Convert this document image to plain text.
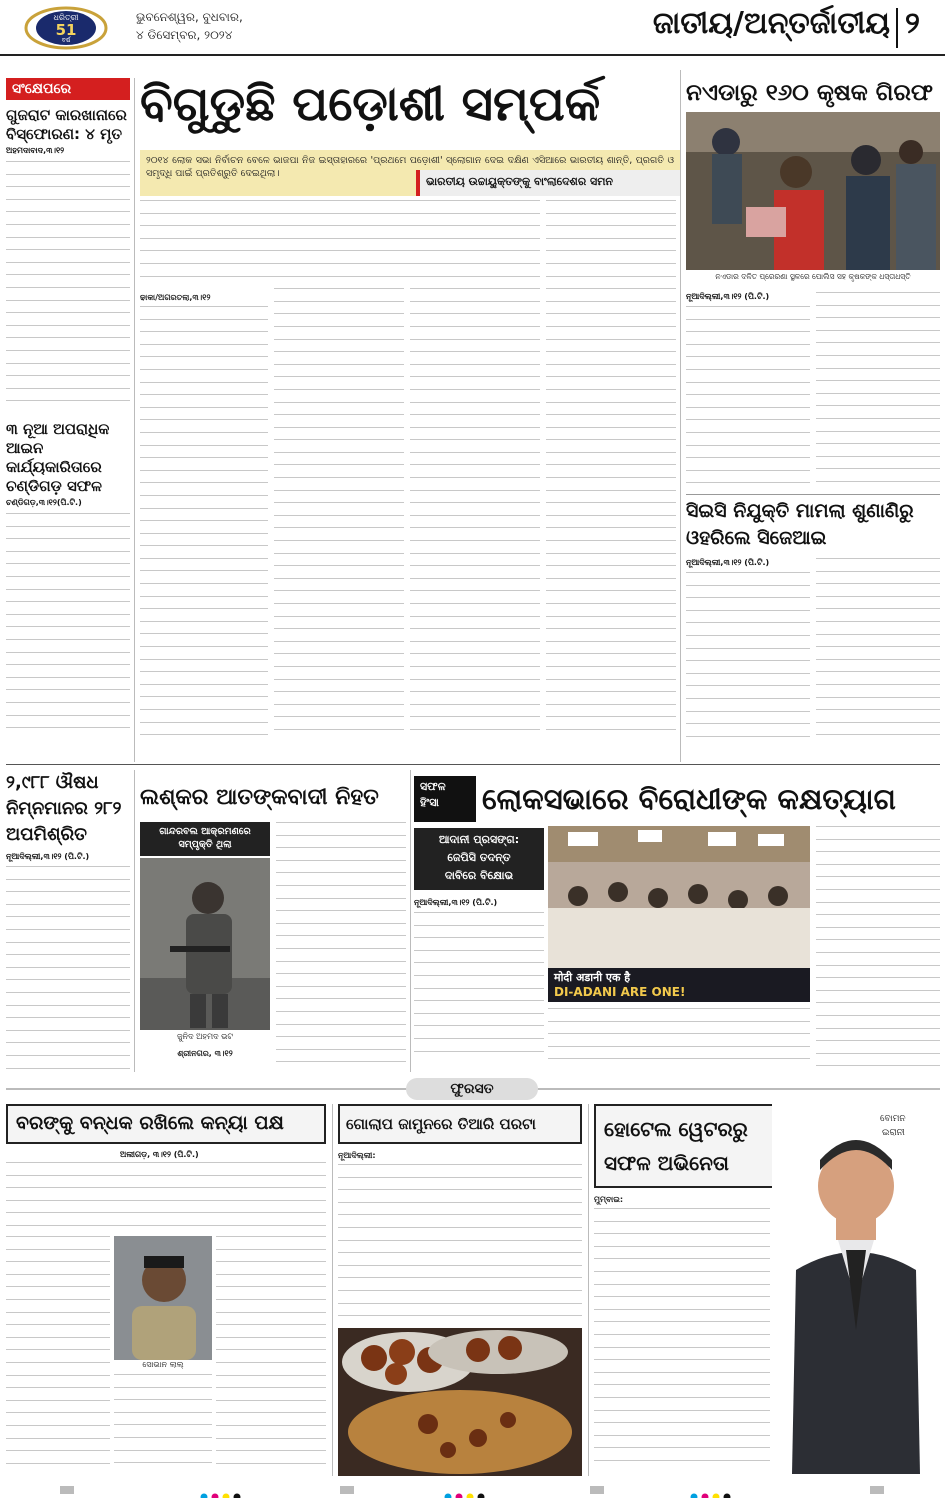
ଧରିତ୍ରୀ
51
ବର୍ଷ
ଭୁବନେଶ୍ୱର, ବୁଧବାର,
୪ ଡିସେମ୍ବର, ୨୦୨୪	ଜାତୀୟ/ଅନ୍ତର୍ଜାତୀୟ ୨
ସଂକ୍ଷେପରେ
ଗୁଜରାଟ କାରଖାନାରେ ବିସ୍ଫୋରଣ: ୪ ମୃତ
ଅହମଦାବାଦ,୩।୧୨
୩ ନୂଆ ଅପରାଧିକ ଆଇନ କାର୍ଯ୍ୟକାରିତାରେ ଚଣ୍ଡିଗଡ଼ ସଫଳ
ଚଣ୍ଡିଗଡ଼,୩।୧୨(ପି.ଟି.)
ବିଗୁଡୁଛି ପଡ଼ୋଶୀ ସମ୍ପର୍କ
୨୦୧୪ ଲୋକ ସଭା ନିର୍ବାଚନ ବେଳେ ଭାଜପା ନିଜ ଇସ୍ତାହାରରେ 'ପ୍ରଥମେ ପଡ଼ୋଶୀ' ସ୍ଲୋଗାନ ଦେଇ ଦକ୍ଷିଣ ଏସିଆରେ ଭାରତୀୟ ଶାନ୍ତି, ପ୍ରଗତି ଓ ସମୃଦ୍ଧି ପାଇଁ ପ୍ରତିଶ୍ରୁତି ଦେଇଥିଲା।
ଭାରତୀୟ ଉଚ୍ଚାୟୁକ୍ତଙ୍କୁ ବାଂଲାଦେଶର ସମନ
ଢାକା/ଅଗରତଲା,୩।୧୨
ନଏଡାରୁ ୧୬୦ କୃଷକ ଗିରଫ
ନଏଡାର ଦଳିତ ପ୍ରେରଣା ସ୍ଥଳରେ ପୋଲିସ ସହ କୃଷକଙ୍କ ଧସ୍ତାଧସ୍ତି
ନୂଆଦିଲ୍ଲୀ,୩।୧୨ (ପି.ଟି.)
ସିଇସି ନିଯୁକ୍ତି ମାମଲା ଶୁଣାଣିରୁ ଓହରିଲେ ସିଜେଆଇ
ନୂଆଦିଲ୍ଲୀ,୩।୧୨ (ପି.ଟି.)
୨,୯୮୮ ଔଷଧ ନିମ୍ନମାନର ୨୮୨ ଅପମିଶ୍ରିତ
ନୂଆଦିଲ୍ଲୀ,୩।୧୨ (ପି.ଟି.)
ଲଶ୍କର ଆତଙ୍କବାଦୀ ନିହତ
ଗାନ୍ଦରବଲ ଆକ୍ରମଣରେ ସମ୍ପୃକ୍ତି ଥିଲା
ଜୁନିଦ ଅହମଦ ଭଟ
ଶ୍ରୀନଗର, ୩।୧୨
ସଫଳ
ହିଂସା	ଲୋକସଭାରେ ବିରୋଧୀଙ୍କ କକ୍ଷତ୍ୟାଗ
ଆଦାନୀ ପ୍ରସଙ୍ଗ:
ଜେପିସି ତଦନ୍ତ
ଦାବିରେ ବିକ୍ଷୋଭ
ନୂଆଦିଲ୍ଲୀ,୩।୧୨ (ପି.ଟି.)
मोदी अडानी एक है
DI-ADANI ARE ONE!
ଫୁରସତ
ବରଙ୍କୁ ବନ୍ଧକ ରଖିଲେ କନ୍ୟା ପକ୍ଷ
ଅଲୀଗଡ଼, ୩।୧୨ (ପି.ଟି.)
ସୋଭାନ ଲାଲ୍
ଗୋଲାପ ଜାମୁନରେ ତିଆରି ପରଟା
ନୂଆଦିଲ୍ଲୀ:
ହୋଟେଲ ୱେଟରରୁ ସଫଳ ଅଭିନେତା
ବୋମନ
ଇରାନୀ
ମୁମ୍ବାଇ:
